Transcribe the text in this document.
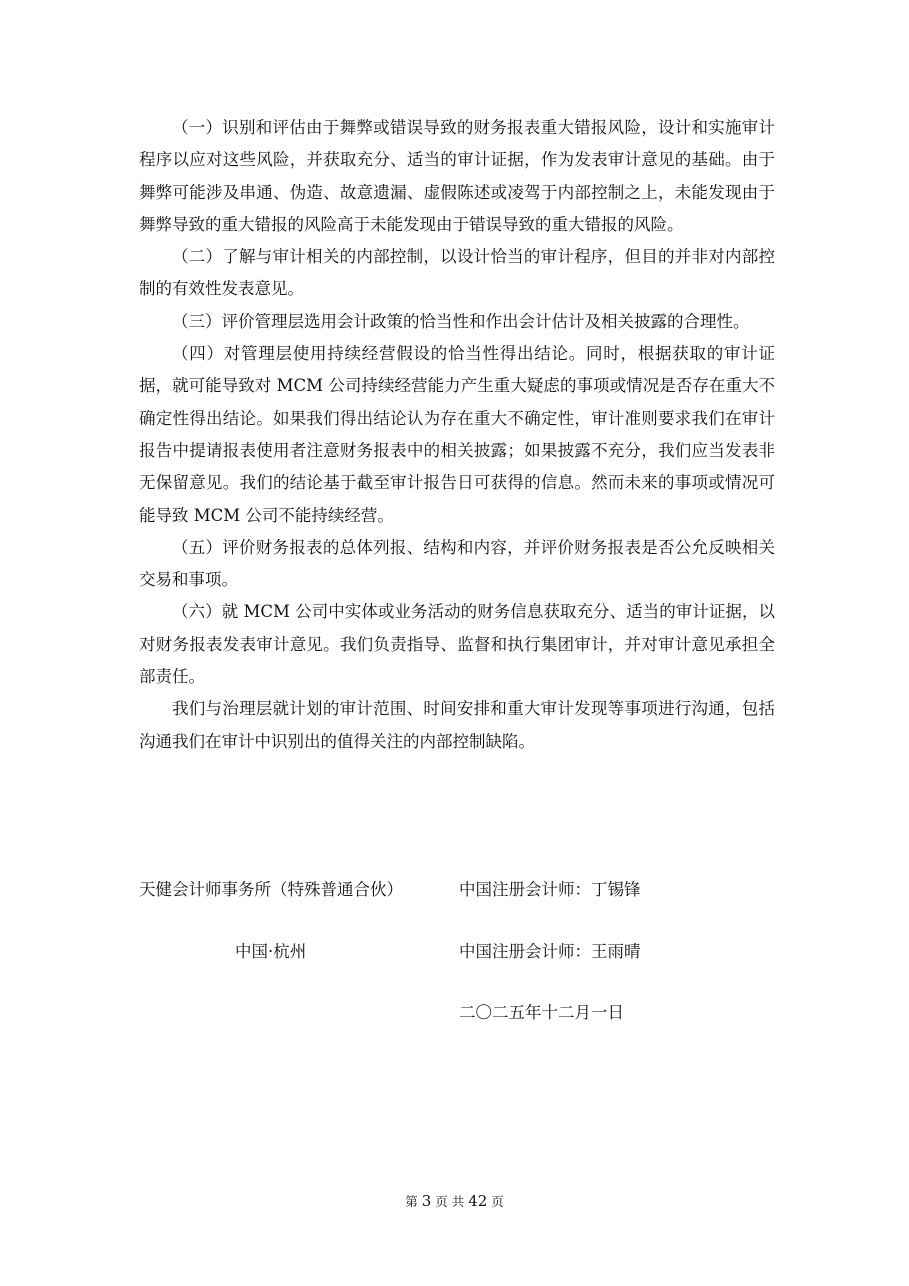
（一）识别和评估由于舞弊或错误导致的财务报表重大错报风险，设计和实施审计程序以应对这些风险，并获取充分、适当的审计证据，作为发表审计意见的基础。由于舞弊可能涉及串通、伪造、故意遗漏、虚假陈述或凌驾于内部控制之上，未能发现由于舞弊导致的重大错报的风险高于未能发现由于错误导致的重大错报的风险。

（二）了解与审计相关的内部控制，以设计恰当的审计程序，但目的并非对内部控制的有效性发表意见。

（三）评价管理层选用会计政策的恰当性和作出会计估计及相关披露的合理性。

（四）对管理层使用持续经营假设的恰当性得出结论。同时，根据获取的审计证据，就可能导致对 MCM 公司持续经营能力产生重大疑虑的事项或情况是否存在重大不确定性得出结论。如果我们得出结论认为存在重大不确定性，审计准则要求我们在审计报告中提请报表使用者注意财务报表中的相关披露；如果披露不充分，我们应当发表非无保留意见。我们的结论基于截至审计报告日可获得的信息。然而未来的事项或情况可能导致 MCM 公司不能持续经营。

（五）评价财务报表的总体列报、结构和内容，并评价财务报表是否公允反映相关交易和事项。

（六）就 MCM 公司中实体或业务活动的财务信息获取充分、适当的审计证据，以对财务报表发表审计意见。我们负责指导、监督和执行集团审计，并对审计意见承担全部责任。

我们与治理层就计划的审计范围、时间安排和重大审计发现等事项进行沟通，包括沟通我们在审计中识别出的值得关注的内部控制缺陷。

天健会计师事务所（特殊普通合伙）
中国·杭州
中国注册会计师：丁锡锋
中国注册会计师：王雨晴
二〇二五年十二月一日
第 3 页 共 42 页
